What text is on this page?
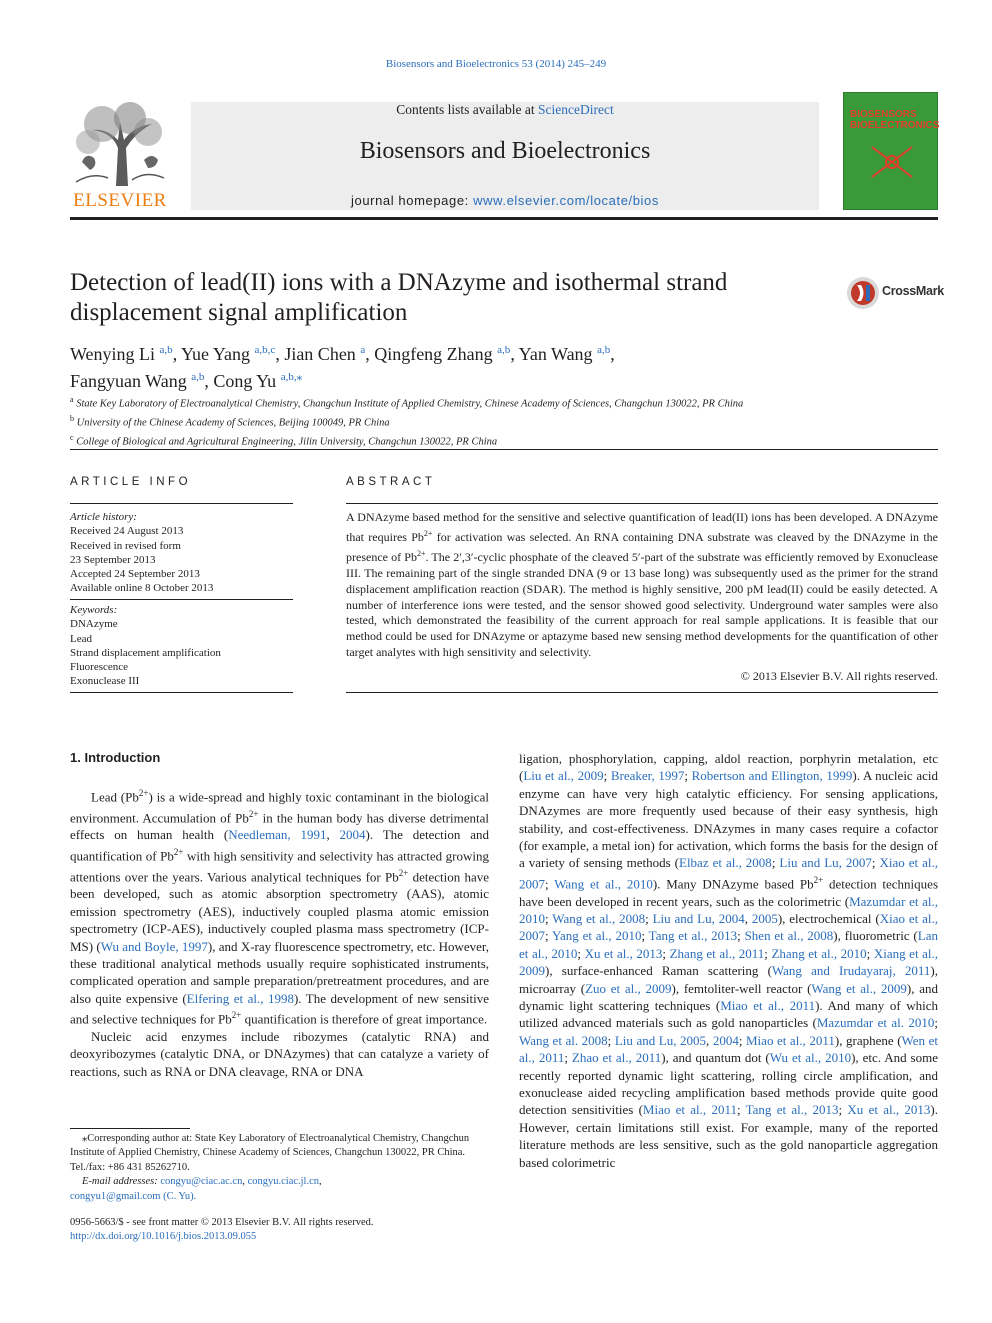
Biosensors and Bioelectronics 53 (2014) 245–249
ELSEVIER
Contents lists available at ScienceDirect
Biosensors and Bioelectronics
journal homepage: www.elsevier.com/locate/bios
BIOSENSORS BIOELECTRONICS
Detection of lead(II) ions with a DNAzyme and isothermal strand displacement signal amplification
CrossMark
Wenying Li $^{a,b}$, Yue Yang $^{a,b,c}$, Jian Chen $^a$, Qingfeng Zhang $^{a,b}$, Yan Wang $^{a,b}$,
Fangyuan Wang $^{a,b}$, Cong Yu $^{a,b,⁎}$
$^a$ State Key Laboratory of Electroanalytical Chemistry, Changchun Institute of Applied Chemistry, Chinese Academy of Sciences, Changchun 130022, PR China
$^b$ University of the Chinese Academy of Sciences, Beijing 100049, PR China
$^c$ College of Biological and Agricultural Engineering, Jilin University, Changchun 130022, PR China
ARTICLE INFO
Article history:
Received 24 August 2013
Received in revised form
23 September 2013
Accepted 24 September 2013
Available online 8 October 2013
Keywords:
DNAzyme
Lead
Strand displacement amplification
Fluorescence
Exonuclease III
ABSTRACT
A DNAzyme based method for the sensitive and selective quantification of lead(II) ions has been developed. A DNAzyme that requires $Pb^{2+}$ for activation was selected. An RNA containing DNA substrate was cleaved by the DNAzyme in the presence of $Pb^{2+}$. The 2′,3′-cyclic phosphate of the cleaved 5′-part of the substrate was efficiently removed by Exonuclease III. The remaining part of the single stranded DNA (9 or 13 base long) was subsequently used as the primer for the strand displacement amplification reaction (SDAR). The method is highly sensitive, 200 pM lead(II) could be easily detected. A number of interference ions were tested, and the sensor showed good selectivity. Underground water samples were also tested, which demonstrated the feasibility of the current approach for real sample applications. It is feasible that our method could be used for DNAzyme or aptazyme based new sensing method developments for the quantification of other target analytes with high sensitivity and selectivity.
© 2013 Elsevier B.V. All rights reserved.
1. Introduction

Lead $(Pb^{2+})$ is a wide-spread and highly toxic contaminant in the biological environment. Accumulation of $Pb^{2+}$ in the human body has diverse detrimental effects on human health (Needleman, 1991, 2004). The detection and quantification of $Pb^{2+}$ with high sensitivity and selectivity has attracted growing attentions over the years. Various analytical techniques for $Pb^{2+}$ detection have been developed, such as atomic absorption spectrometry (AAS), atomic emission spectrometry (AES), inductively coupled plasma atomic emission spectrometry (ICP-AES), inductively coupled plasma mass spectrometry (ICP-MS) (Wu and Boyle, 1997), and X-ray fluorescence spectrometry, etc. However, these traditional analytical methods usually require sophisticated instruments, complicated operation and sample preparation/pretreatment procedures, and are also quite expensive (Elfering et al., 1998). The development of new sensitive and selective techniques for $Pb^{2+}$ quantification is therefore of great importance.

Nucleic acid enzymes include ribozymes (catalytic RNA) and deoxyribozymes (catalytic DNA, or DNAzymes) that can catalyze a variety of reactions, such as RNA or DNA cleavage, RNA or DNA

ligation, phosphorylation, capping, aldol reaction, porphyrin metalation, etc (Liu et al., 2009; Breaker, 1997; Robertson and Ellington, 1999). A nucleic acid enzyme can have very high catalytic efficiency. For sensing applications, DNAzymes are more frequently used because of their easy synthesis, high stability, and cost-effectiveness. DNAzymes in many cases require a cofactor (for example, a metal ion) for activation, which forms the basis for the design of a variety of sensing methods (Elbaz et al., 2008; Liu and Lu, 2007; Xiao et al., 2007; Wang et al., 2010). Many DNAzyme based $Pb^{2+}$ detection techniques have been developed in recent years, such as the colorimetric (Mazumdar et al., 2010; Wang et al., 2008; Liu and Lu, 2004, 2005), electrochemical (Xiao et al., 2007; Yang et al., 2010; Tang et al., 2013; Shen et al., 2008), fluorometric (Lan et al., 2010; Xu et al., 2013; Zhang et al., 2011; Zhang et al., 2010; Xiang et al., 2009), surface-enhanced Raman scattering (Wang and Irudayaraj, 2011), microarray (Zuo et al., 2009), femtoliter-well reactor (Wang et al., 2009), and dynamic light scattering techniques (Miao et al., 2011). And many of which utilized advanced materials such as gold nanoparticles (Mazumdar et al. 2010; Wang et al. 2008; Liu and Lu, 2005, 2004; Miao et al., 2011), graphene (Wen et al., 2011; Zhao et al., 2011), and quantum dot (Wu et al., 2010), etc. And some recently reported dynamic light scattering, rolling circle amplification, and exonuclease aided recycling amplification based methods provide quite good detection sensitivities (Miao et al., 2011; Tang et al., 2013; Xu et al., 2013). However, certain limitations still exist. For example, many of the reported literature methods are less sensitive, such as the gold nanoparticle aggregation based colorimetric

⁎Corresponding author at: State Key Laboratory of Electroanalytical Chemistry, Changchun Institute of Applied Chemistry, Chinese Academy of Sciences, Changchun 130022, PR China. Tel./fax: +86 431 85262710.

E-mail addresses: congyu@ciac.ac.cn, congyu.ciac.jl.cn,

congyu1@gmail.com (C. Yu).
0956-5663/$ - see front matter © 2013 Elsevier B.V. All rights reserved.
http://dx.doi.org/10.1016/j.bios.2013.09.055
